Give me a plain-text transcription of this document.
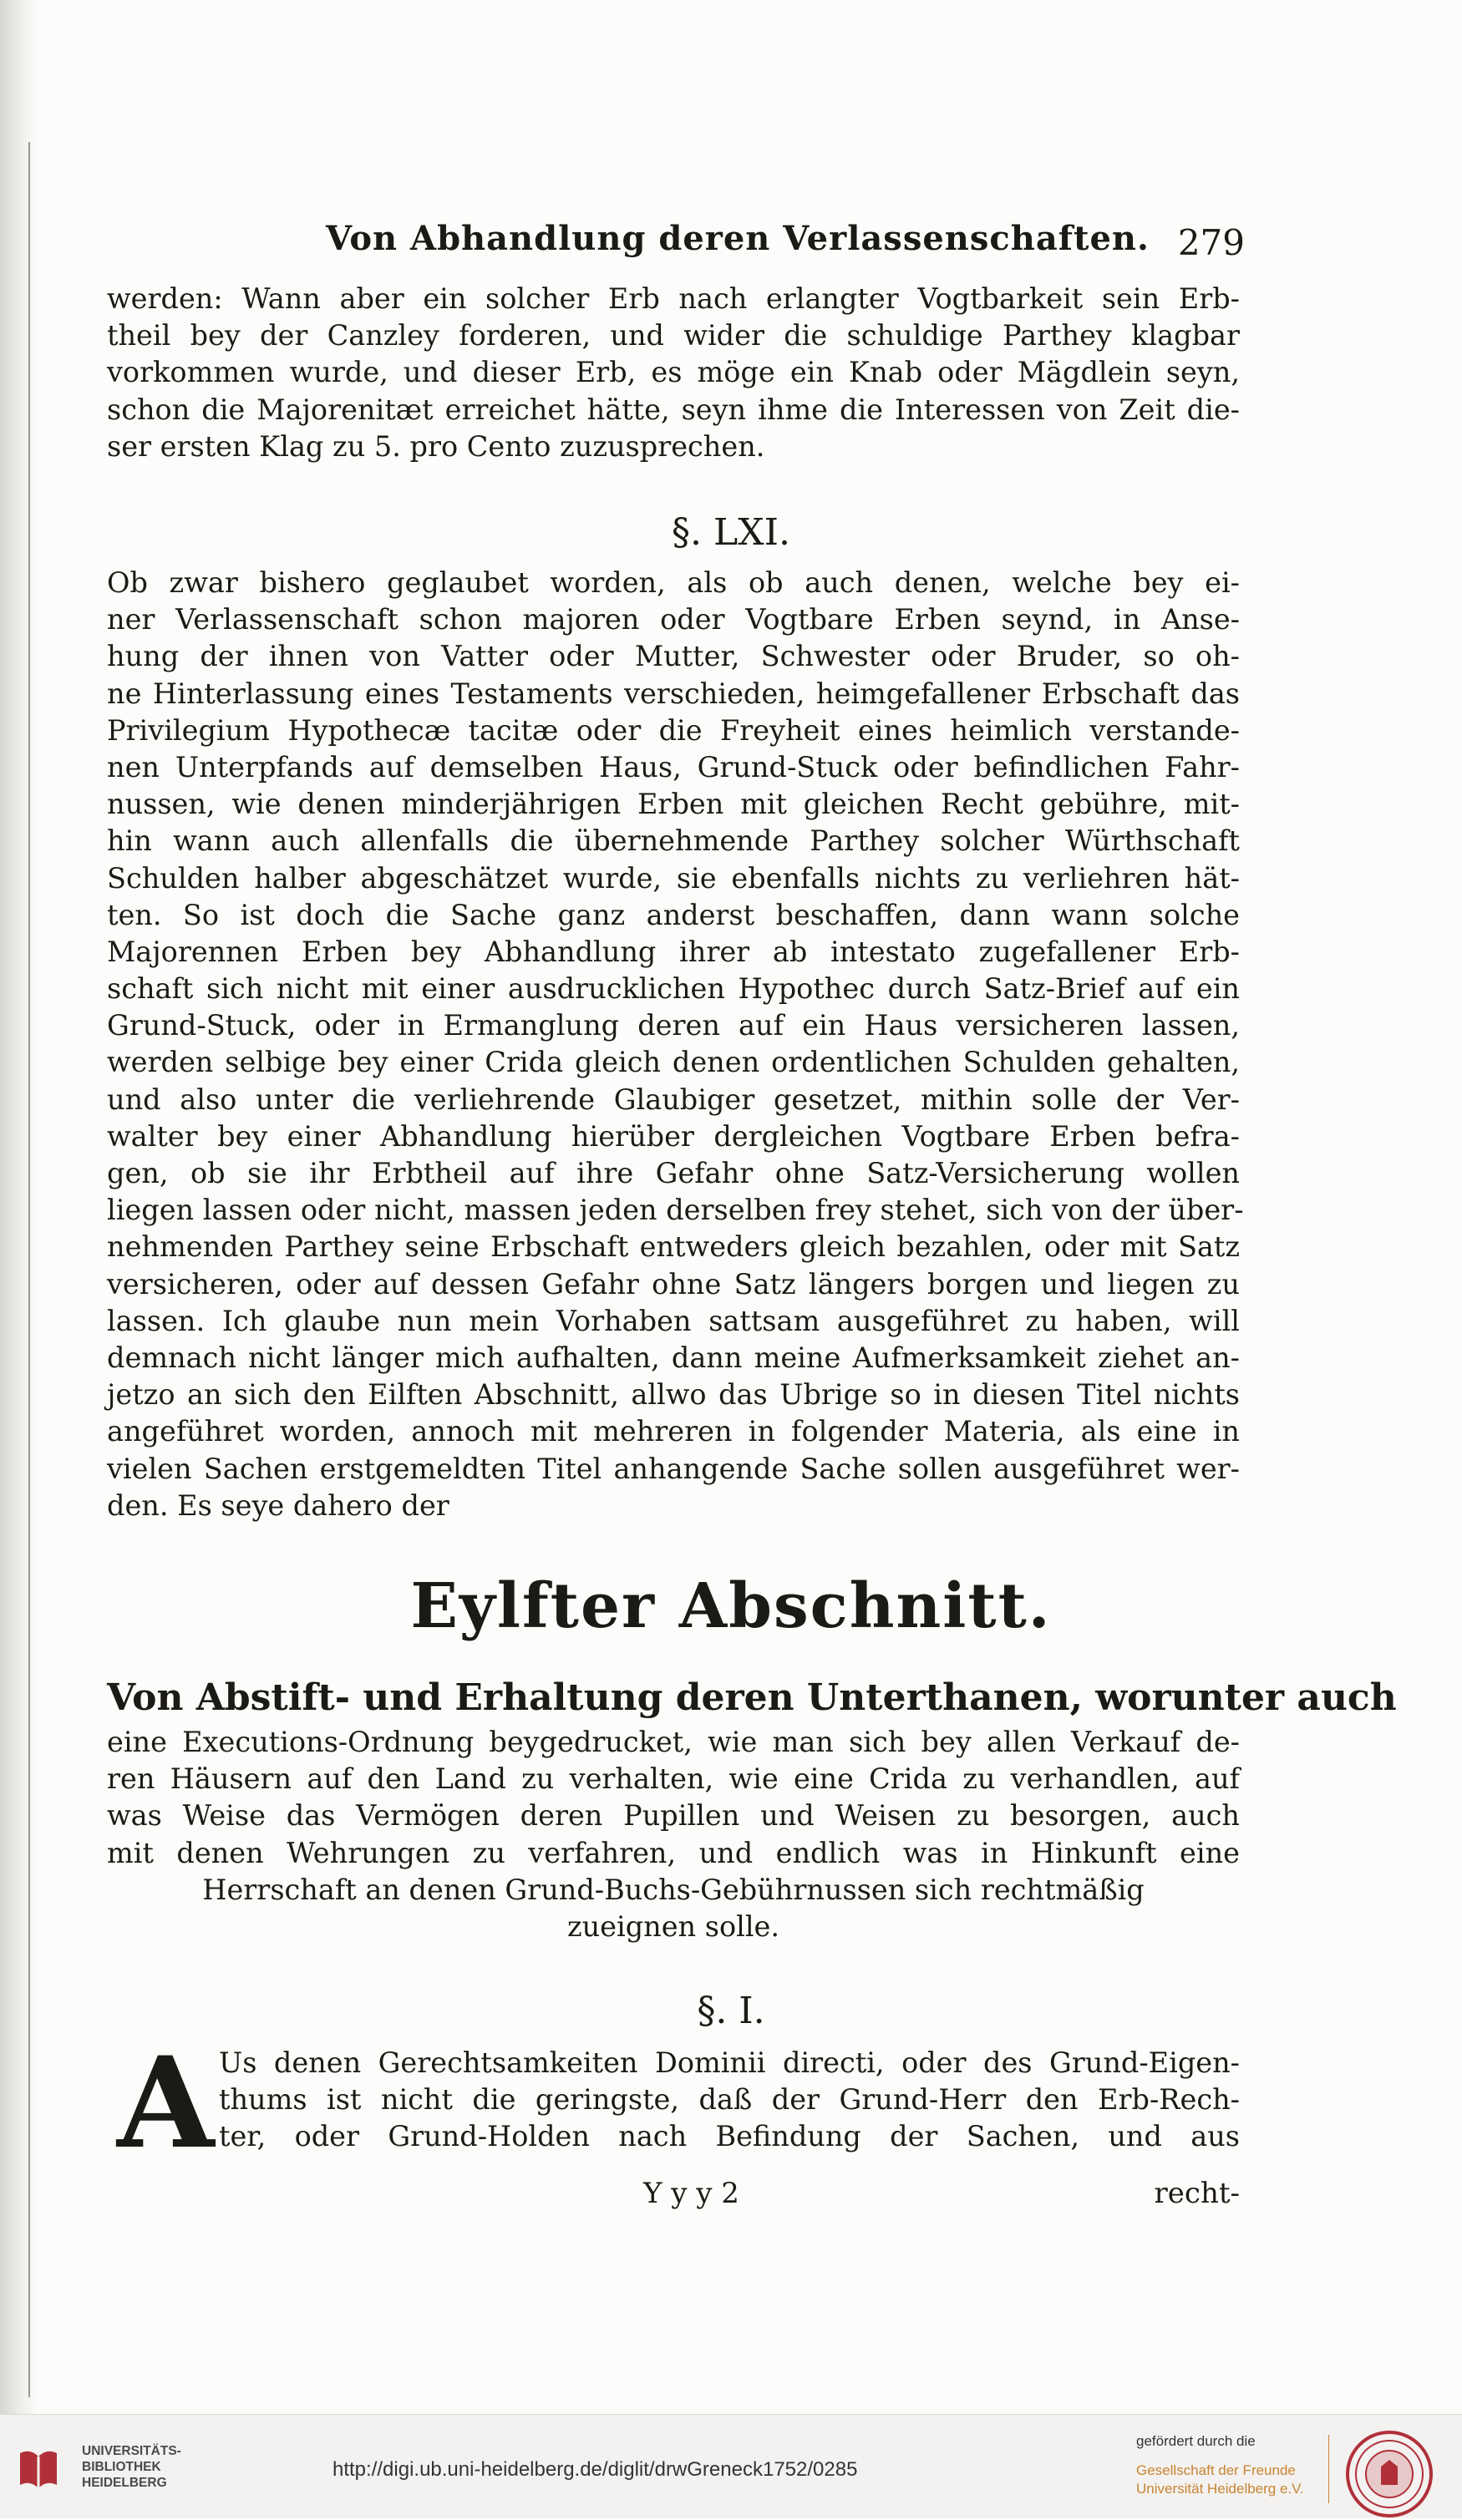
Von Abhandlung deren Verlassenschaften. 279
werden: Wann aber ein solcher Erb nach erlangter Vogtbarkeit sein Erb-
theil bey der Canzley forderen, und wider die schuldige Parthey klagbar
vorkommen wurde, und dieser Erb, es möge ein Knab oder Mägdlein seyn,
schon die Majorenitæt erreichet hätte, seyn ihme die Interessen von Zeit die-
ser ersten Klag zu 5. pro Cento zuzusprechen.
§. LXI.
Ob zwar bishero geglaubet worden, als ob auch denen, welche bey ei-
ner Verlassenschaft schon majoren oder Vogtbare Erben seynd, in Anse-
hung der ihnen von Vatter oder Mutter, Schwester oder Bruder, so oh-
ne Hinterlassung eines Testaments verschieden, heimgefallener Erbschaft das
Privilegium Hypothecæ tacitæ oder die Freyheit eines heimlich verstande-
nen Unterpfands auf demselben Haus, Grund-Stuck oder befindlichen Fahr-
nussen, wie denen minderjährigen Erben mit gleichen Recht gebühre, mit-
hin wann auch allenfalls die übernehmende Parthey solcher Würthschaft
Schulden halber abgeschätzet wurde, sie ebenfalls nichts zu verliehren hät-
ten. So ist doch die Sache ganz anderst beschaffen, dann wann solche
Majorennen Erben bey Abhandlung ihrer ab intestato zugefallener Erb-
schaft sich nicht mit einer ausdrucklichen Hypothec durch Satz-Brief auf ein
Grund-Stuck, oder in Ermanglung deren auf ein Haus versicheren lassen,
werden selbige bey einer Crida gleich denen ordentlichen Schulden gehalten,
und also unter die verliehrende Glaubiger gesetzet, mithin solle der Ver-
walter bey einer Abhandlung hierüber dergleichen Vogtbare Erben befra-
gen, ob sie ihr Erbtheil auf ihre Gefahr ohne Satz-Versicherung wollen
liegen lassen oder nicht, massen jeden derselben frey stehet, sich von der über-
nehmenden Parthey seine Erbschaft entweders gleich bezahlen, oder mit Satz
versicheren, oder auf dessen Gefahr ohne Satz längers borgen und liegen zu
lassen. Ich glaube nun mein Vorhaben sattsam ausgeführet zu haben, will
demnach nicht länger mich aufhalten, dann meine Aufmerksamkeit ziehet an-
jetzo an sich den Eilften Abschnitt, allwo das Ubrige so in diesen Titel nichts
angeführet worden, annoch mit mehreren in folgender Materia, als eine in
vielen Sachen erstgemeldten Titel anhangende Sache sollen ausgeführet wer-
den. Es seye dahero der
Eylfter Abschnitt.
Von Abstift- und Erhaltung deren Unterthanen, worunter auch
eine Executions-Ordnung beygedrucket, wie man sich bey allen Verkauf de-
ren Häusern auf den Land zu verhalten, wie eine Crida zu verhandlen, auf
was Weise das Vermögen deren Pupillen und Weisen zu besorgen, auch
mit denen Wehrungen zu verfahren, und endlich was in Hinkunft eine
Herrschaft an denen Grund-Buchs-Gebührnussen sich rechtmäßig
zueignen solle.
§. I.
A Us denen Gerechtsamkeiten Dominii directi, oder des Grund-Eigen-
thums ist nicht die geringste, daß der Grund-Herr den Erb-Rech-
ter, oder Grund-Holden nach Befindung der Sachen, und aus
Y y y 2	recht-

UNIVERSITÄTS-
BIBLIOTHEK
HEIDELBERG

http://digi.ub.uni-heidelberg.de/diglit/drwGreneck1752/0285
gefördert durch die

Gesellschaft der Freunde
Universität Heidelberg e.V.
